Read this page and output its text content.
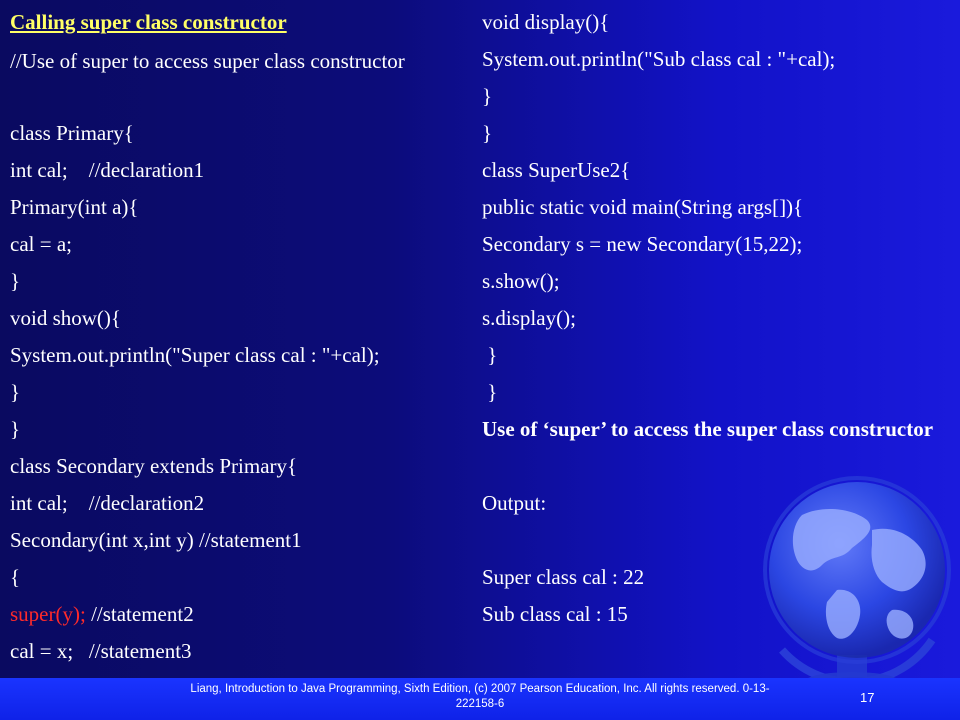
Calling super class constructor
//Use of super to access super class constructor
class Primary{
int cal;    //declaration1
Primary(int a){
cal = a;
}
void show(){
System.out.println("Super class cal : "+cal);
}
}
class Secondary extends Primary{
int cal;    //declaration2
Secondary(int x,int y) //statement1
{
super(y); //statement2
cal = x;   //statement3
void display(){
System.out.println("Sub class cal : "+cal);
}
}
class SuperUse2{
public static void main(String args[]){
Secondary s = new Secondary(15,22);
s.show();
s.display();
}
}
Use of ‘super’ to access the super class constructor
Output:
Super class cal : 22
Sub class cal : 15
Liang, Introduction to Java Programming, Sixth Edition, (c) 2007 Pearson Education, Inc. All rights reserved. 0-13-222158-6	17
